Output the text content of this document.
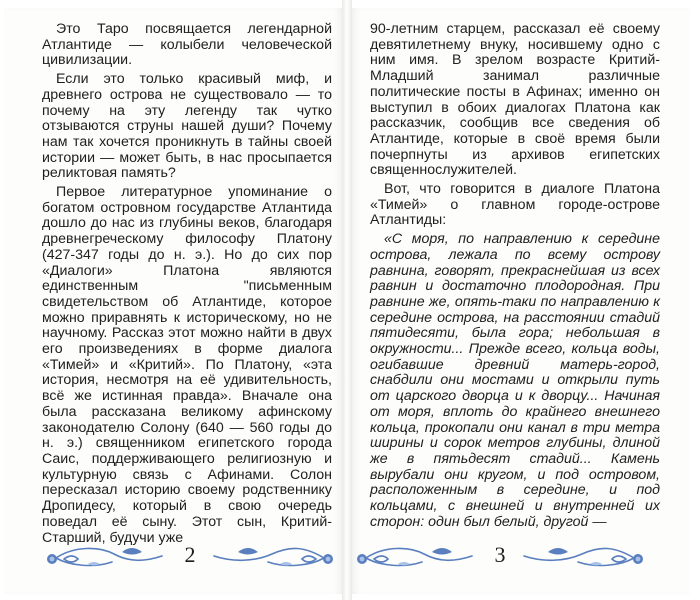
Это Таро посвящается легендарной Атлантиде — колыбели человеческой цивилизации.

Если это только красивый миф, и древнего острова не существовало — то почему на эту легенду так чутко отзываются струны нашей души? Почему нам так хочется проникнуть в тайны своей истории — может быть, в нас просыпается реликтовая память?

Первое литературное упоминание о богатом островном государстве Атлантида дошло до нас из глубины веков, благодаря древнегреческому философу Платону (427-347 годы до н. э.). Но до сих пор «Диалоги» Платона являются единственным "письменным свидетельством об Атлантиде, которое можно приравнять к историческому, но не научному. Рассказ этот можно найти в двух его произведениях в форме диалога «Тимей» и «Критий». По Платону, «эта история, несмотря на её удивительность, всё же истинная правда». Вначале она была рассказана великому афинскому законодателю Солону (640 — 560 годы до н. э.) священником египетского города Саис, поддерживающего религиозную и культурную связь с Афинами. Солон пересказал историю своему родственнику Дропидесу, который в свою очередь поведал её сыну. Этот сын, Критий-Старший, будучи уже

2

90-летним старцем, рассказал её своему девятилетнему внуку, носившему одно с ним имя. В зрелом возрасте Критий-Младший занимал различные политические посты в Афинах; именно он выступил в обоих диалогах Платона как рассказчик, сообщив все сведения об Атлантиде, которые в своё время были почерпнуты из архивов египетских священнослужителей.

Вот, что говорится в диалоге Платона «Тимей» о главном городе-острове Атлантиды:

«С моря, по направлению к середине острова, лежала по всему острову равнина, говорят, прекраснейшая из всех равнин и достаточно плодородная. При равнине же, опять-таки по направлению к середине острова, на расстоянии стадий пятидесяти, была гора; небольшая в окружности... Прежде всего, кольца воды, огибавшие древний матерь-город, снабдили они мостами и открыли путь от царского дворца и к дворцу... Начиная от моря, вплоть до крайнего внешнего кольца, прокопали они канал в три метра ширины и сорок метров глубины, длиной же в пятьдесят стадий... Камень вырубали они кругом, и под островом, расположенным в середине, и под кольцами, с внешней и внутренней их сторон: один был белый, другой —

3
